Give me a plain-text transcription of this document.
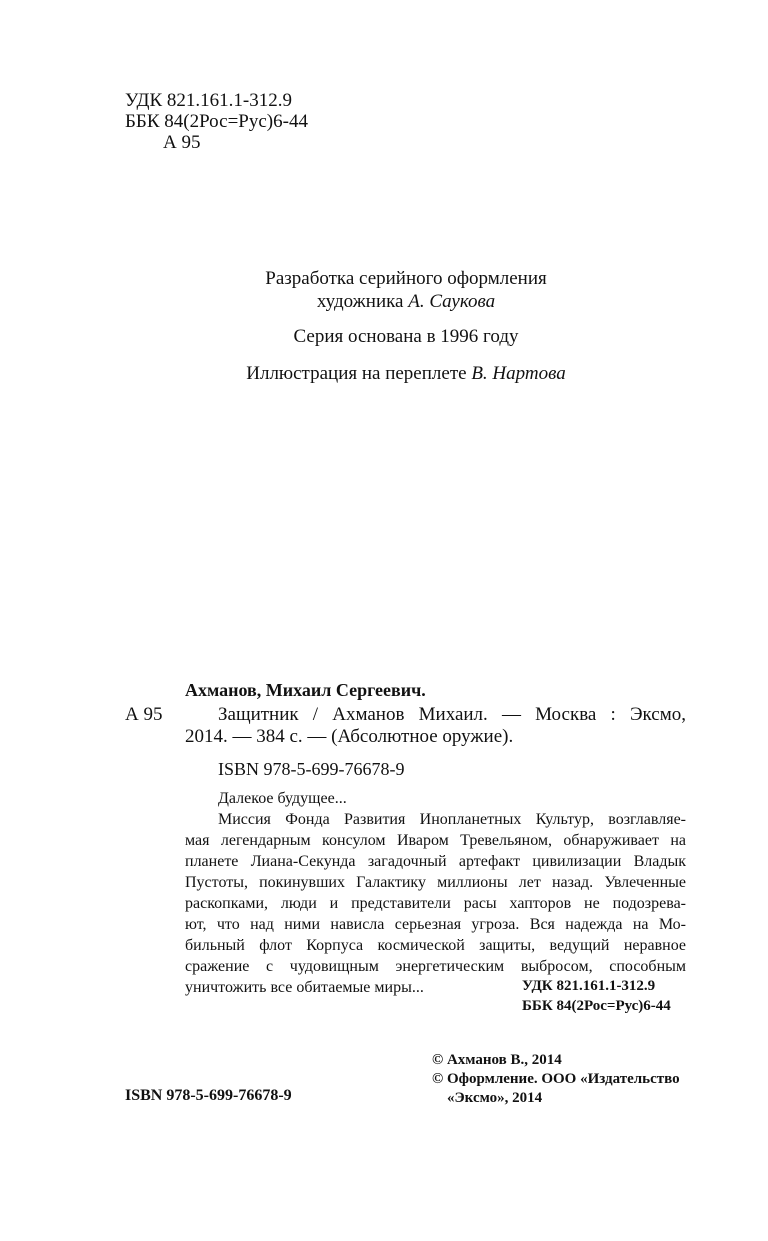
УДК 821.161.1-312.9
ББК 84(2Рос=Рус)6-44
А 95
Разработка серийного оформления
художника А. Саукова
Серия основана в 1996 году
Иллюстрация на переплете В. Нартова
Ахманов, Михаил Сергеевич.
А 95	Защитник / Ахманов Михаил. — Москва : Эксмо,
2014. — 384 с. — (Абсолютное оружие).
ISBN 978-5-699-76678-9
Далекое будущее...
Миссия Фонда Развития Инопланетных Культур, возглавляе-
мая легендарным консулом Иваром Тревельяном, обнаруживает на
планете Лиана-Секунда загадочный артефакт цивилизации Владык
Пустоты, покинувших Галактику миллионы лет назад. Увлеченные
раскопками, люди и представители расы хапторов не подозрева-
ют, что над ними нависла серьезная угроза. Вся надежда на Мо-
бильный флот Корпуса космической защиты, ведущий неравное
сражение с чудовищным энергетическим выбросом, способным
уничтожить все обитаемые миры...	УДК 821.161.1-312.9
ББК 84(2Рос=Рус)6-44
© Ахманов В., 2014
© Оформление. ООО «Издательство
«Эксмо», 2014
ISBN 978-5-699-76678-9
